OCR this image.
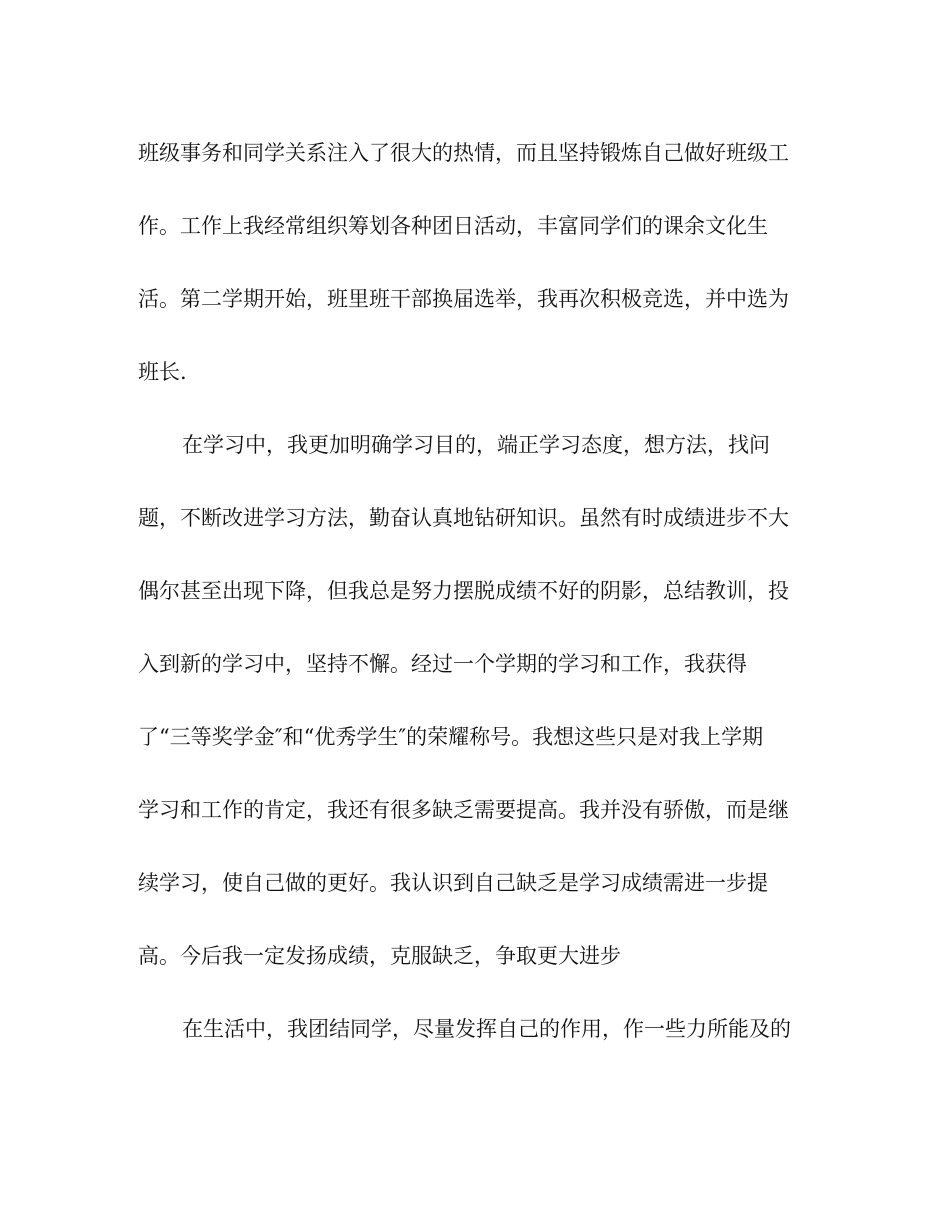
班级事务和同学关系注入了很大的热情，而且坚持锻炼自己做好班级工
作。工作上我经常组织筹划各种团日活动，丰富同学们的课余文化生
活。第二学期开始，班里班干部换届选举，我再次积极竞选，并中选为
班长.
在学习中，我更加明确学习目的，端正学习态度，想方法，找问
题，不断改进学习方法，勤奋认真地钻研知识。虽然有时成绩进步不大
偶尔甚至出现下降，但我总是努力摆脱成绩不好的阴影，总结教训，投
入到新的学习中，坚持不懈。经过一个学期的学习和工作，我获得
了“三等奖学金″和“优秀学生″的荣耀称号。我想这些只是对我上学期
学习和工作的肯定，我还有很多缺乏需要提高。我并没有骄傲，而是继
续学习，使自己做的更好。我认识到自己缺乏是学习成绩需进一步提
高。今后我一定发扬成绩，克服缺乏，争取更大进步
在生活中，我团结同学，尽量发挥自己的作用，作一些力所能及的
